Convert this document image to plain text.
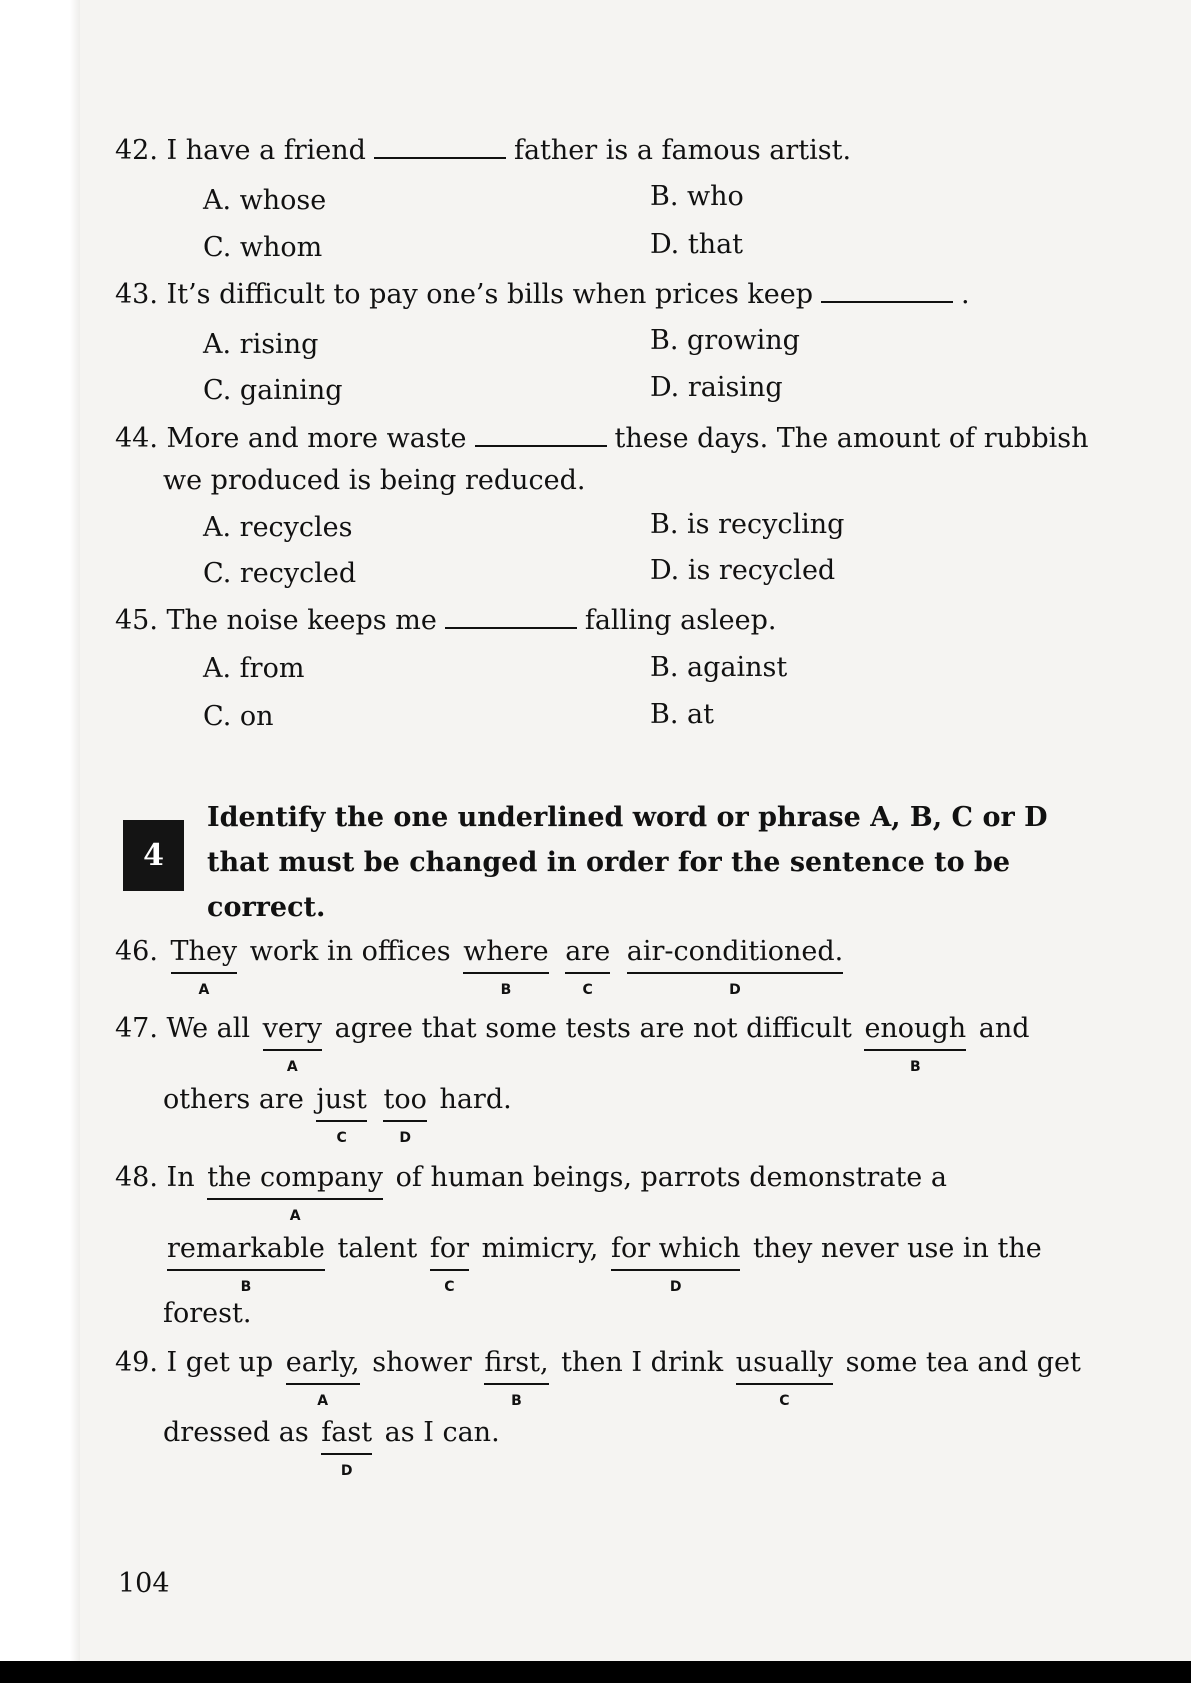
42. I have a friend	father is a famous artist.
A. whose	B. who
C. whom	D. that
43. It’s difficult to pay one’s bills when prices keep	.
A. rising	B. growing
C. gaining	D. raising
44. More and more waste	these days. The amount of rubbish
we produced is being reduced.
A. recycles	B. is recycling
C. recycled	D. is recycled
45. The noise keeps me	falling asleep.
A. from	B. against
C. on	B. at
4
Identify the one underlined word or phrase A, B, C or D
that must be changed in order for the sentence to be
correct.
46. They
A
work in offices where
B
are
C
air-conditioned.
D
47. We all very
A
agree that some tests are not difficult enough
B
and
others are just
C
too
D
hard.
48. In the company
A
of human beings, parrots demonstrate a
remarkable
B
talent for
C
mimicry, for which
D
they never use in the
forest.
49. I get up early,
A
shower first,
B
then I drink usually
C
some tea and get
dressed as fast
D
as I can.
104
